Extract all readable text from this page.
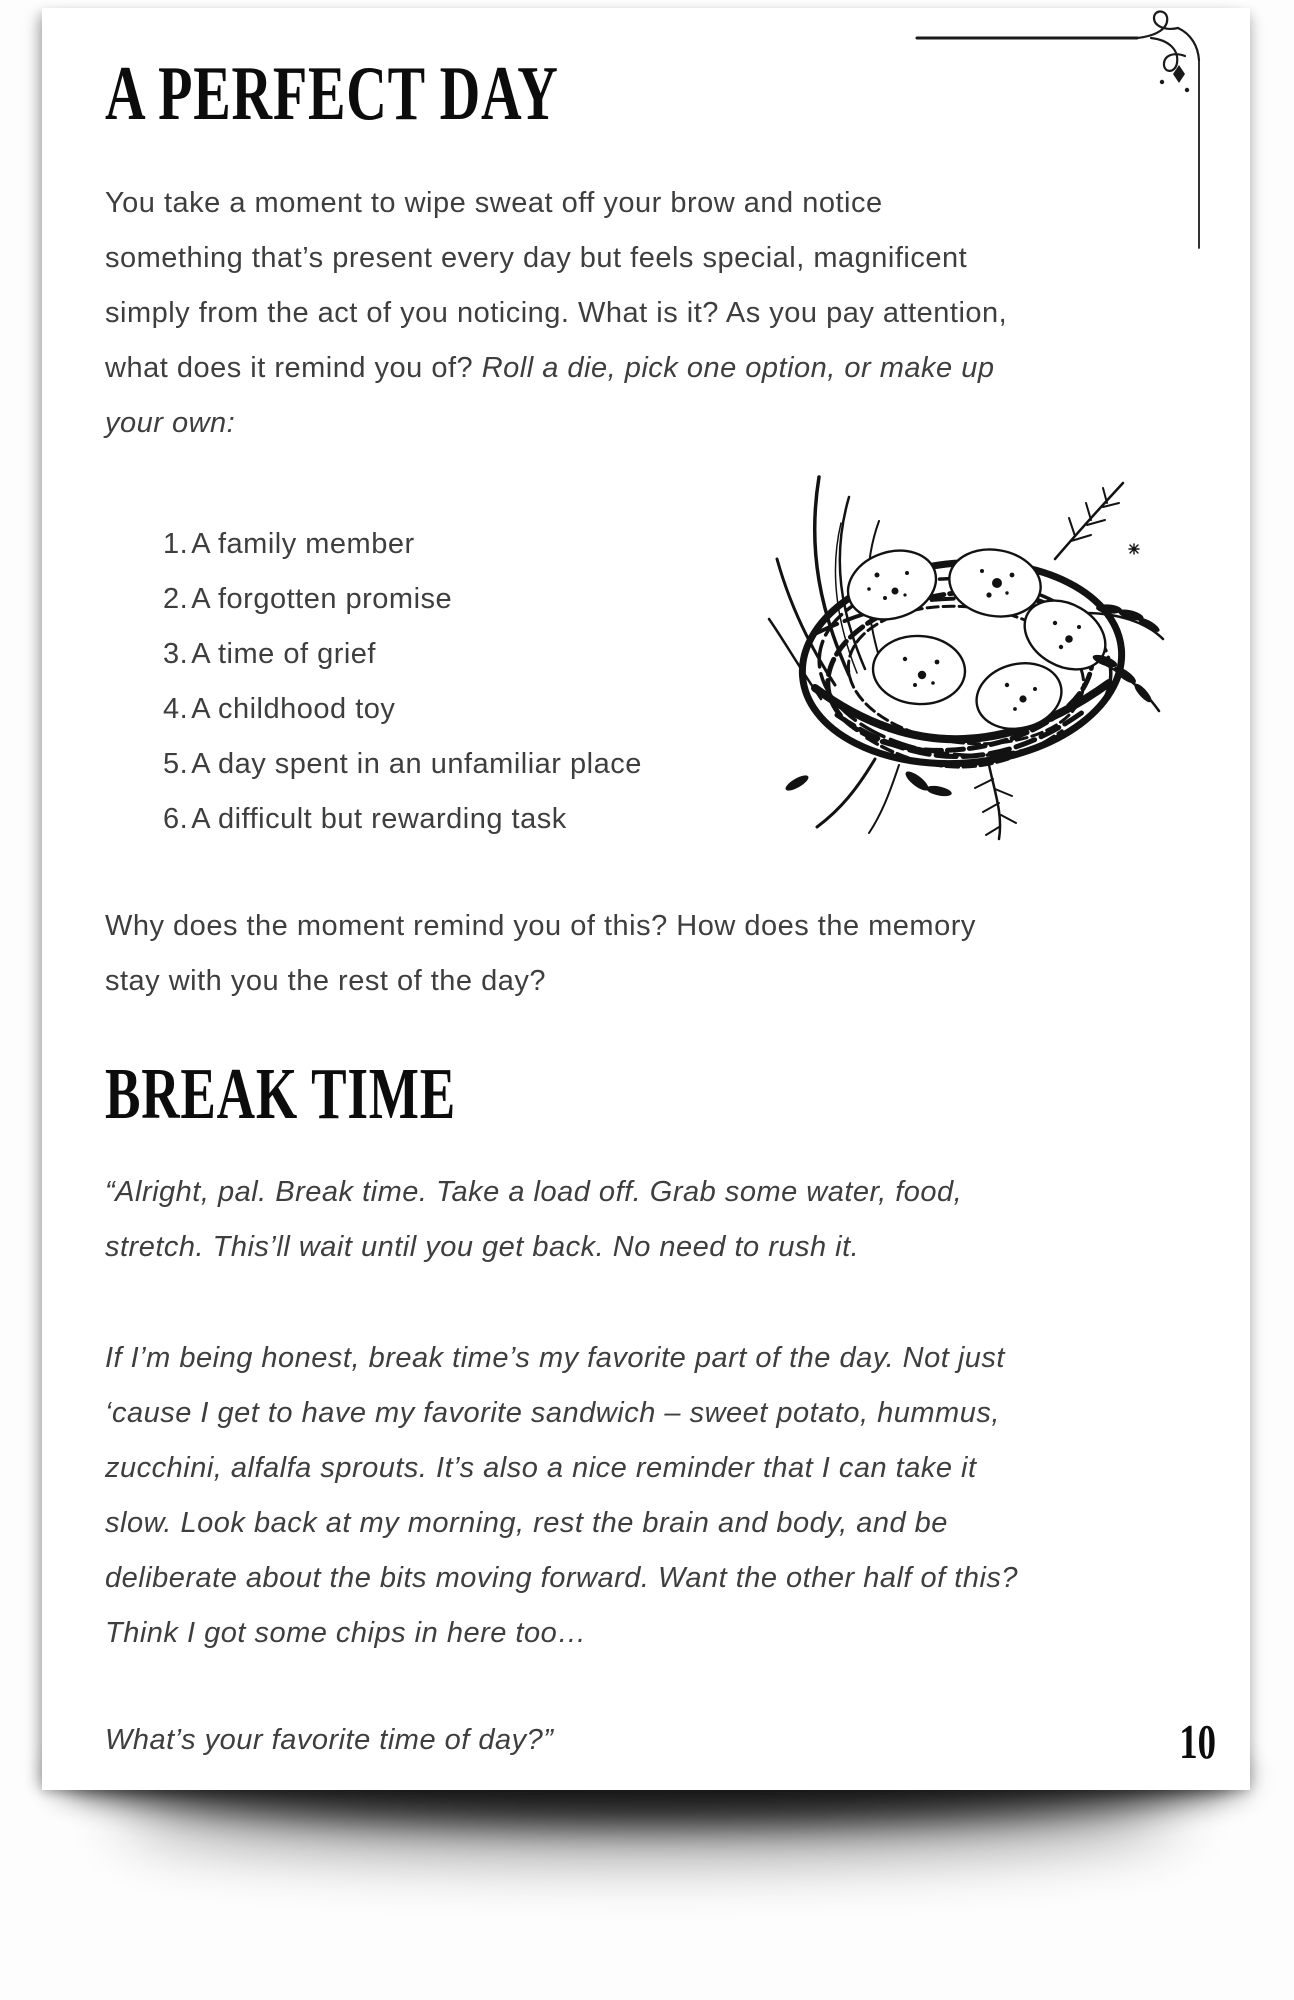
A PERFECT DAY

You take a moment to wipe sweat off your brow and notice
something that’s present every day but feels special, magnificent
simply from the act of you noticing. What is it? As you pay attention,
what does it remind you of? Roll a die, pick one option, or make up
your own:

1. A family member
2. A forgotten promise
3. A time of grief
4. A childhood toy
5. A day spent in an unfamiliar place
6. A difficult but rewarding task

Why does the moment remind you of this? How does the memory
stay with you the rest of the day?

BREAK TIME

“Alright, pal. Break time. Take a load off. Grab some water, food,
stretch. This’ll wait until you get back. No need to rush it.

If I’m being honest, break time’s my favorite part of the day. Not just
‘cause I get to have my favorite sandwich – sweet potato, hummus,
zucchini, alfalfa sprouts. It’s also a nice reminder that I can take it
slow. Look back at my morning, rest the brain and body, and be
deliberate about the bits moving forward. Want the other half of this?
Think I got some chips in here too…

What’s your favorite time of day?”	10
